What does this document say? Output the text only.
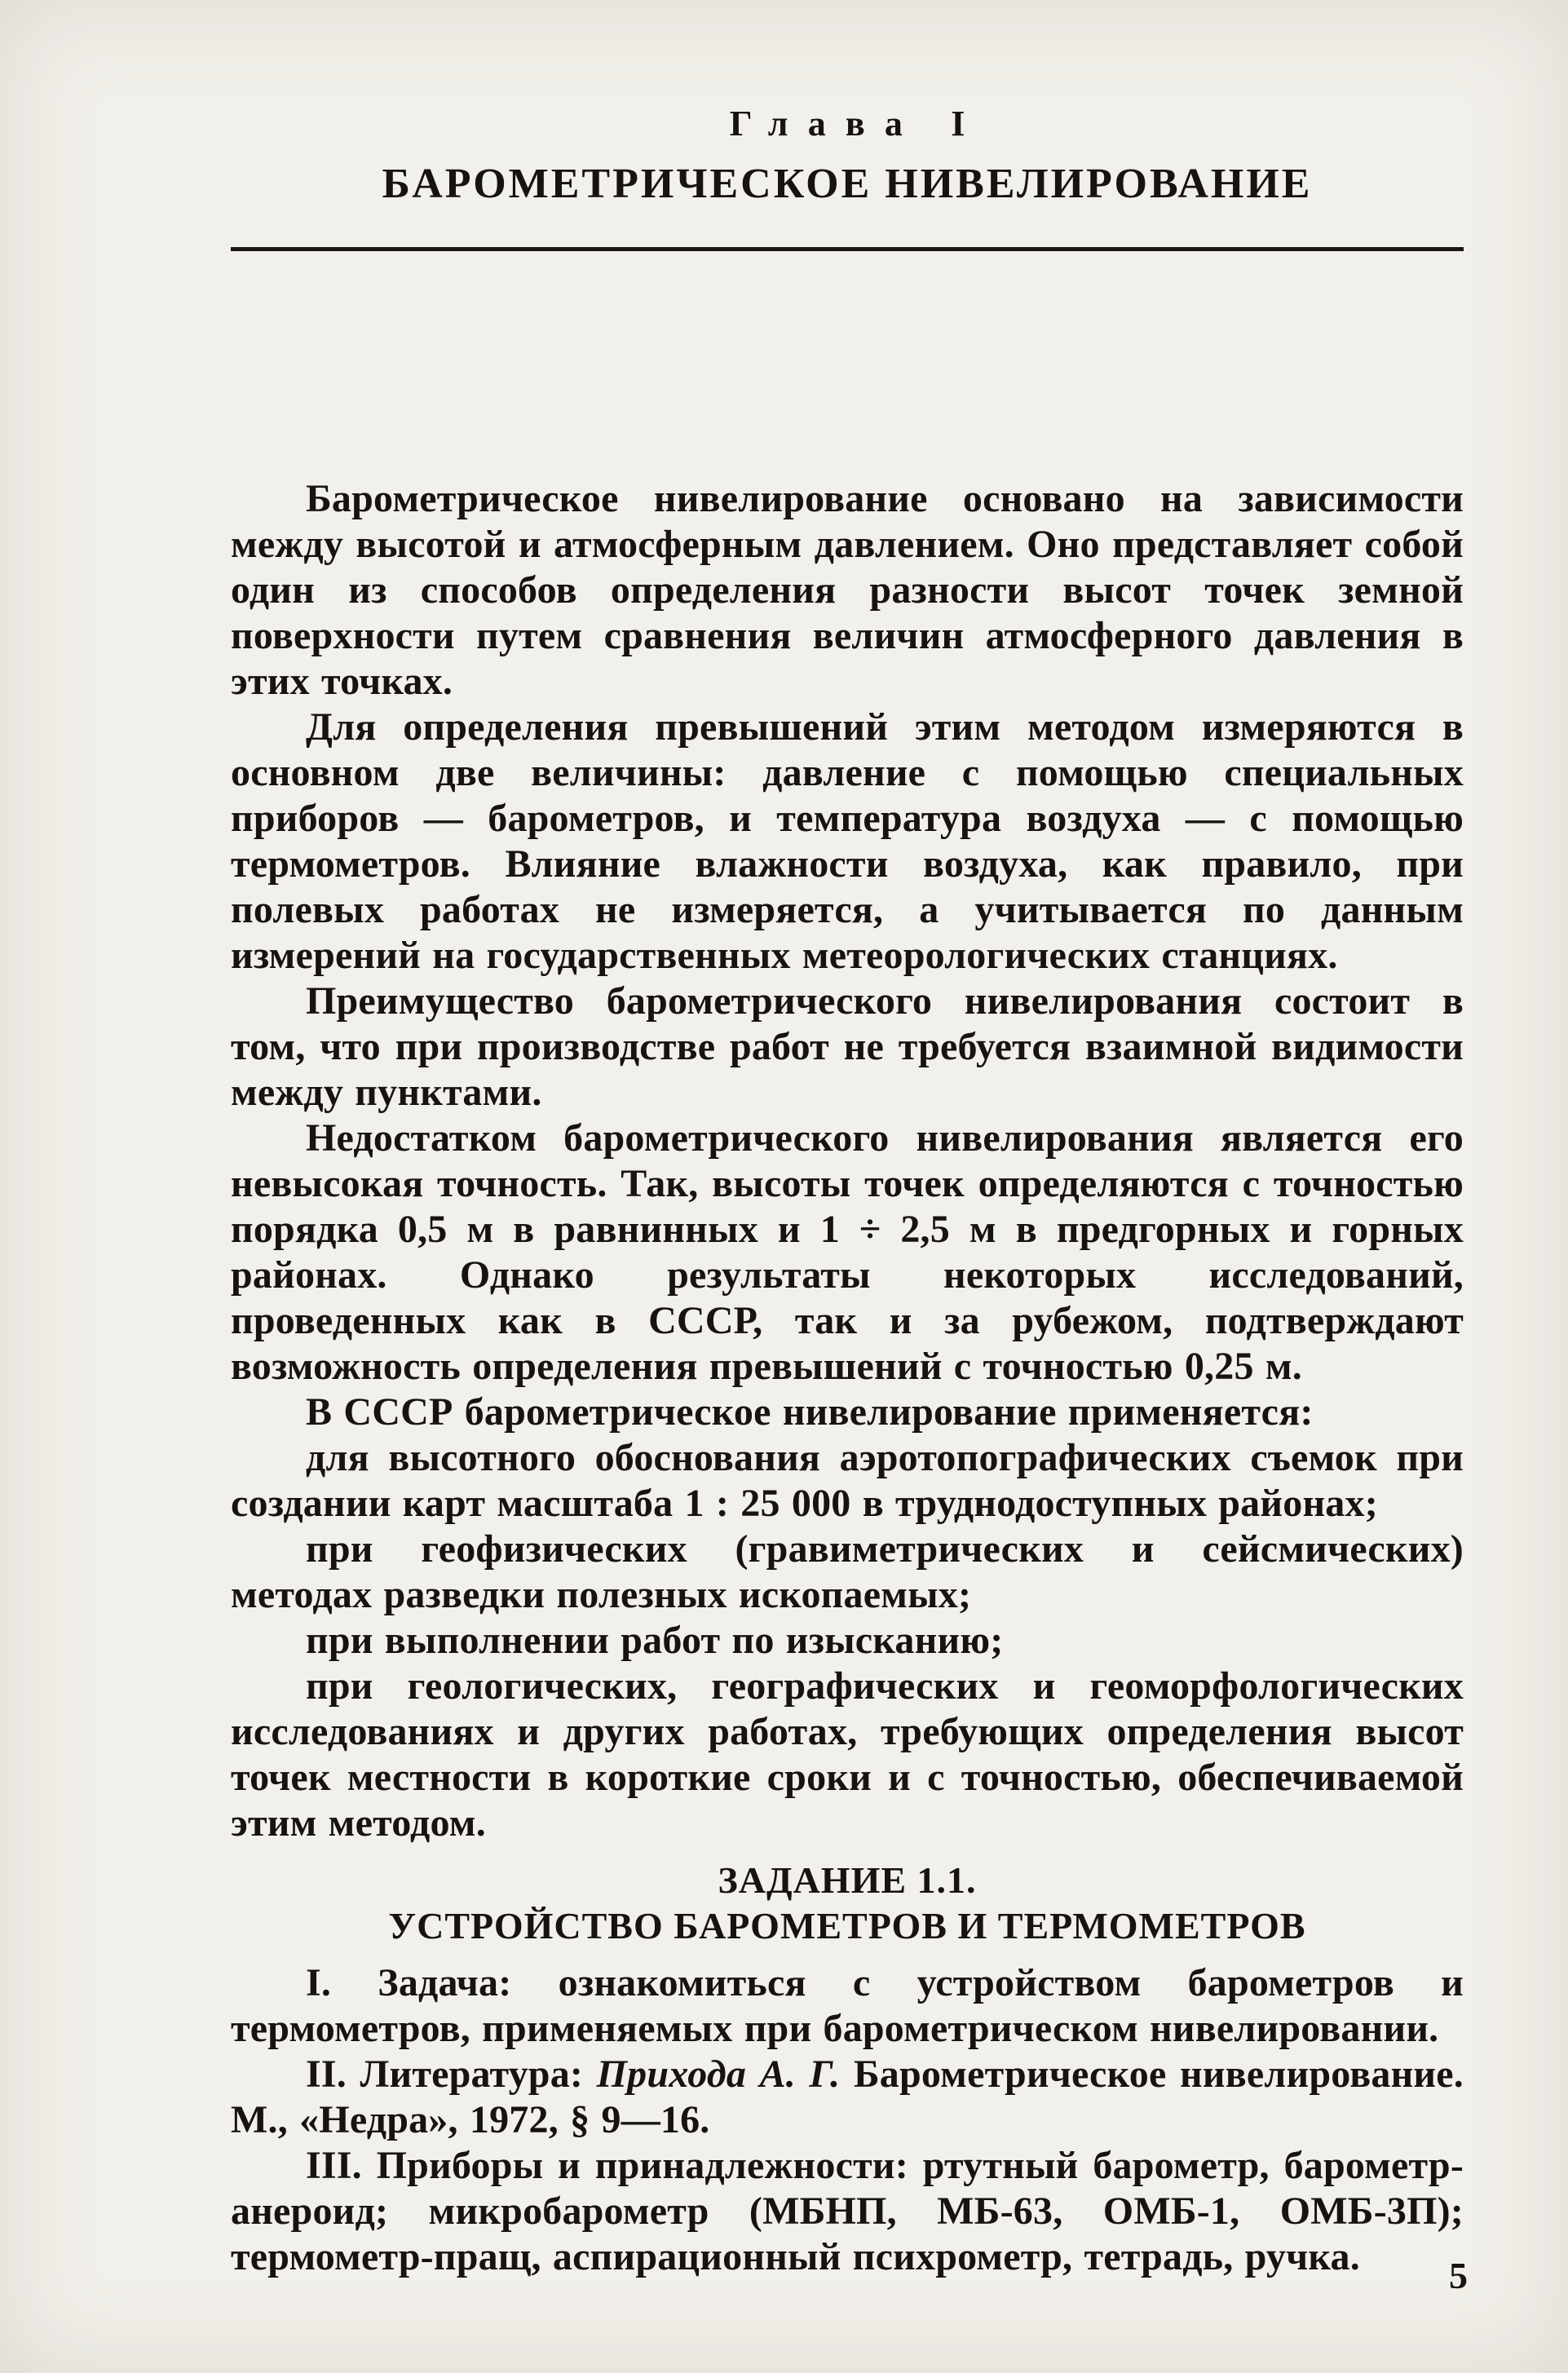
Глава I
БАРОМЕТРИЧЕСКОЕ НИВЕЛИРОВАНИЕ

Барометрическое нивелирование основано на зависимости между высотой и атмосферным давлением. Оно представляет собой один из способов определения разности высот точек земной поверхности путем сравнения величин атмосферного давления в этих точках.

Для определения превышений этим методом измеряются в основном две величины: давление с помощью специальных приборов — барометров, и температура воздуха — с помощью термометров. Влияние влажности воздуха, как правило, при полевых работах не измеряется, а учитывается по данным измерений на государственных метеорологических станциях.

Преимущество барометрического нивелирования состоит в том, что при производстве работ не требуется взаимной видимости между пунктами.

Недостатком барометрического нивелирования является его невысокая точность. Так, высоты точек определяются с точностью порядка 0,5 м в равнинных и 1 ÷ 2,5 м в предгорных и горных районах. Однако результаты некоторых исследований, проведенных как в СССР, так и за рубежом, подтверждают возможность определения превышений с точностью 0,25 м.

В СССР барометрическое нивелирование применяется:

для высотного обоснования аэротопографических съемок при создании карт масштаба 1 : 25 000 в труднодоступных районах;

при геофизических (гравиметрических и сейсмических) методах разведки полезных ископаемых;

при выполнении работ по изысканию;

при геологических, географических и геоморфологических исследованиях и других работах, требующих определения высот точек местности в короткие сроки и с точностью, обеспечиваемой этим методом.

ЗАДАНИЕ 1.1.
УСТРОЙСТВО БАРОМЕТРОВ И ТЕРМОМЕТРОВ

I. Задача: ознакомиться с устройством барометров и термометров, применяемых при барометрическом нивелировании.

II. Литература: Прихода А. Г. Барометрическое нивелирование. М., «Недра», 1972, § 9—16.

III. Приборы и принадлежности: ртутный барометр, барометр-анероид; микробарометр (МБНП, МБ-63, ОМБ-1, ОМБ-3П); термометр-пращ, аспирационный психрометр, тетрадь, ручка.	5
